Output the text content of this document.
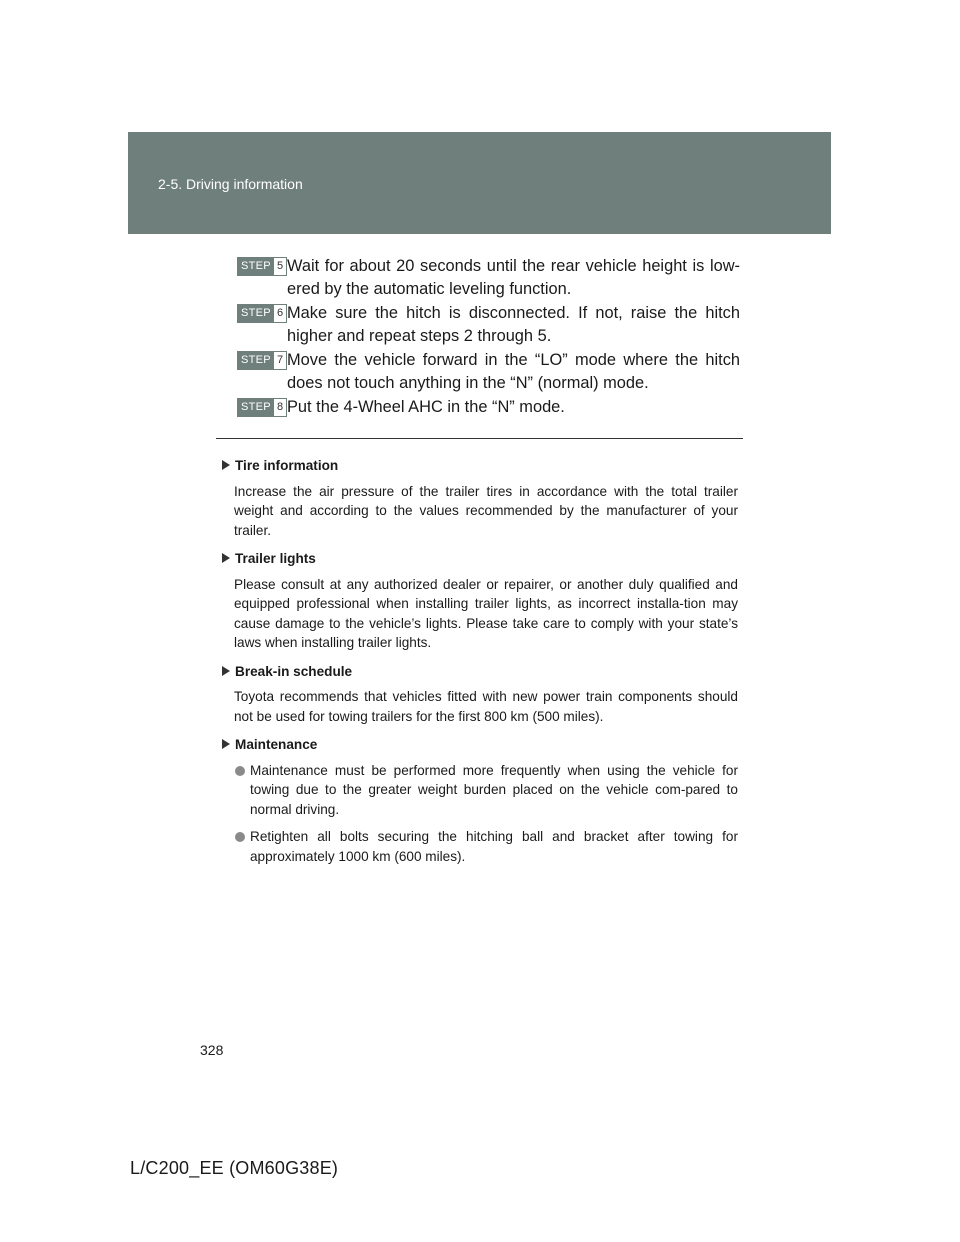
2-5. Driving information
STEP 5 Wait for about 20 seconds until the rear vehicle height is low-ered by the automatic leveling function.
STEP 6 Make sure the hitch is disconnected. If not, raise the hitch higher and repeat steps 2 through 5.
STEP 7 Move the vehicle forward in the “LO” mode where the hitch does not touch anything in the “N” (normal) mode.
STEP 8 Put the 4-Wheel AHC in the “N” mode.
Tire information
Increase the air pressure of the trailer tires in accordance with the total trailer weight and according to the values recommended by the manufacturer of your trailer.
Trailer lights
Please consult at any authorized dealer or repairer, or another duly qualified and equipped professional when installing trailer lights, as incorrect installa-tion may cause damage to the vehicle’s lights. Please take care to comply with your state’s laws when installing trailer lights.
Break-in schedule
Toyota recommends that vehicles fitted with new power train components should not be used for towing trailers for the first 800 km (500 miles).
Maintenance
Maintenance must be performed more frequently when using the vehicle for towing due to the greater weight burden placed on the vehicle com-pared to normal driving.
Retighten all bolts securing the hitching ball and bracket after towing for approximately 1000 km (600 miles).
328
L/C200_EE (OM60G38E)
